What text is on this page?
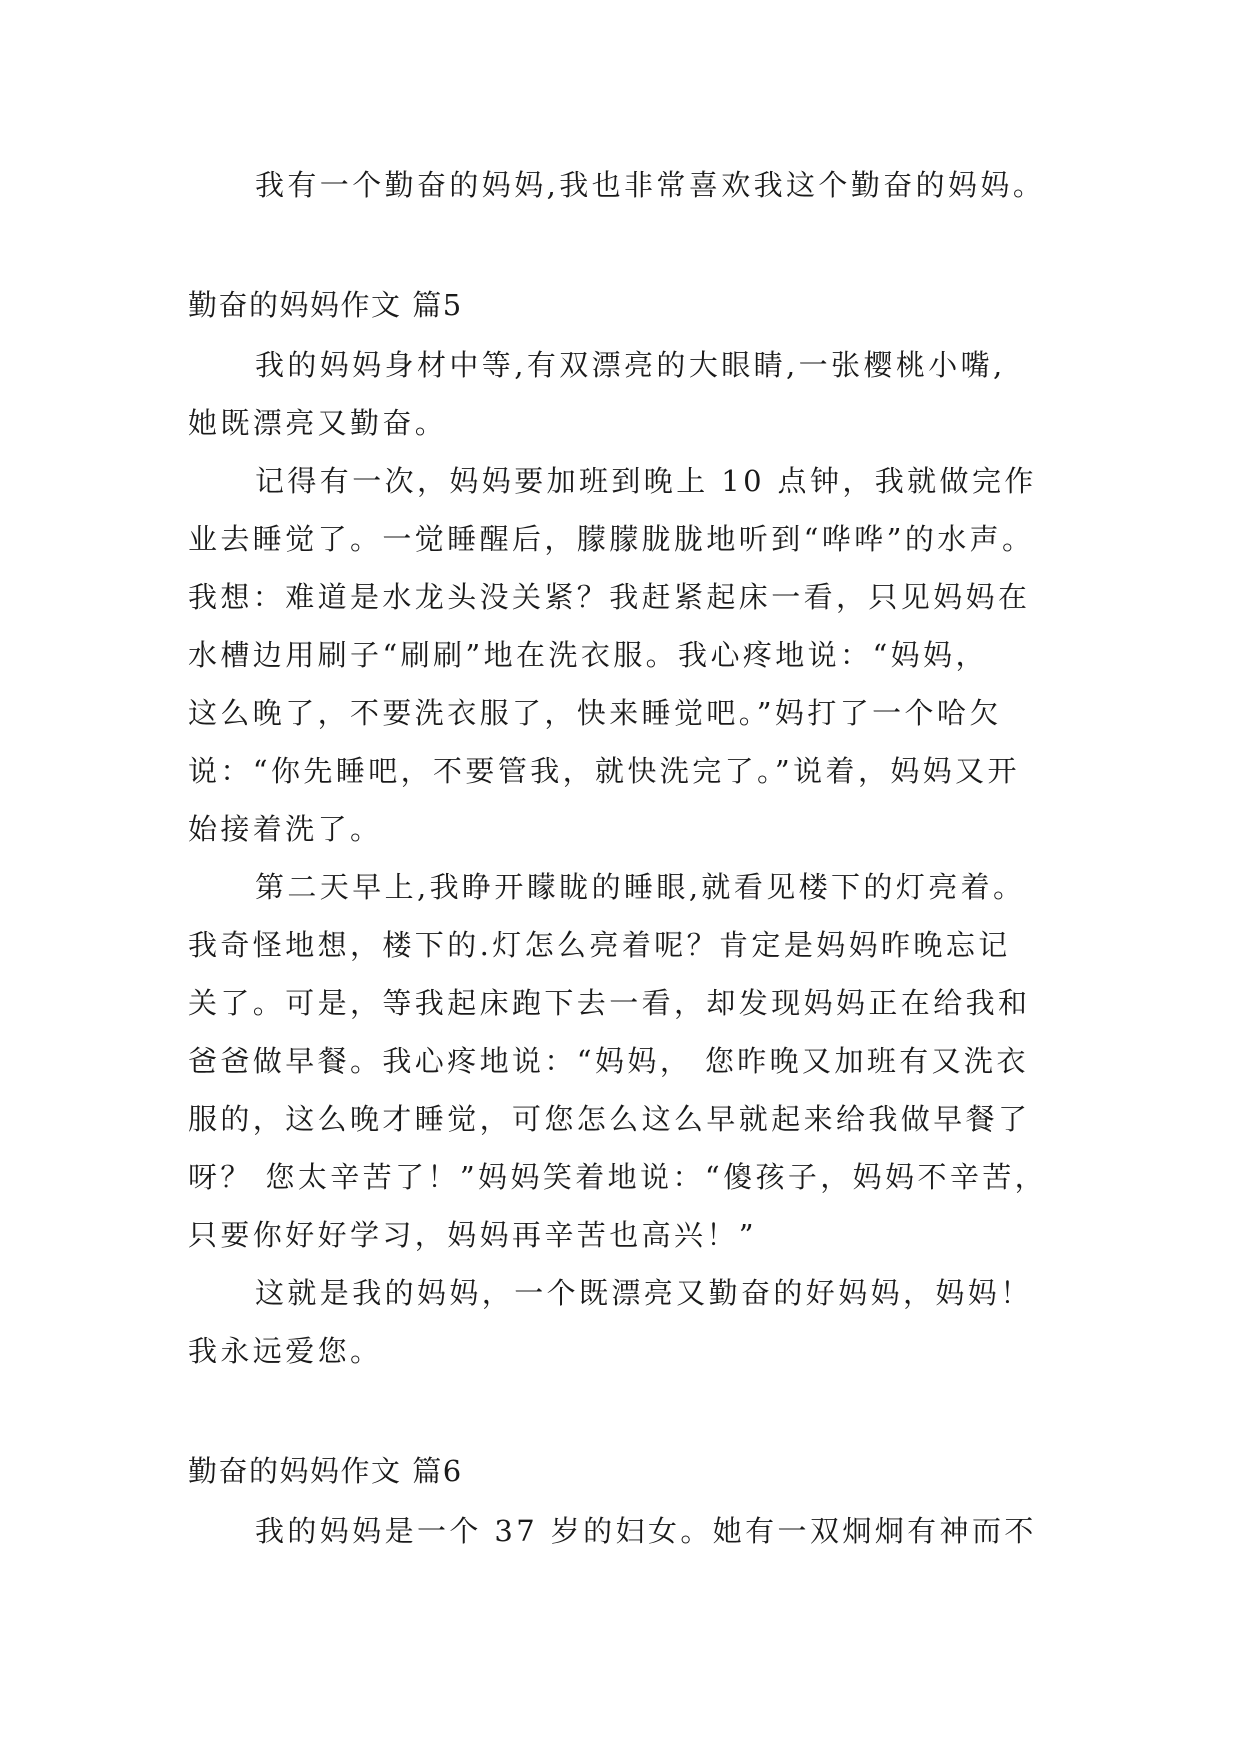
我有一个勤奋的妈妈,我也非常喜欢我这个勤奋的妈妈。
勤奋的妈妈作文 篇5
我的妈妈身材中等,有双漂亮的大眼睛,一张樱桃小嘴,
她既漂亮又勤奋。
记得有一次，妈妈要加班到晚上 10 点钟，我就做完作
业去睡觉了。一觉睡醒后，朦朦胧胧地听到“哗哗”的水声。
我想：难道是水龙头没关紧？我赶紧起床一看，只见妈妈在
水槽边用刷子“刷刷”地在洗衣服。我心疼地说：“妈妈，
这么晚了，不要洗衣服了，快来睡觉吧。”妈打了一个哈欠
说：“你先睡吧，不要管我，就快洗完了。”说着，妈妈又开
始接着洗了。
第二天早上,我睁开矇眬的睡眼,就看见楼下的灯亮着。
我奇怪地想，楼下的.灯怎么亮着呢？肯定是妈妈昨晚忘记
关了。可是，等我起床跑下去一看，却发现妈妈正在给我和
爸爸做早餐。我心疼地说：“妈妈， 您昨晚又加班有又洗衣
服的，这么晚才睡觉，可您怎么这么早就起来给我做早餐了
呀？ 您太辛苦了！”妈妈笑着地说：“傻孩子，妈妈不辛苦，
只要你好好学习，妈妈再辛苦也高兴！”
这就是我的妈妈，一个既漂亮又勤奋的好妈妈，妈妈！
我永远爱您。
勤奋的妈妈作文 篇6
我的妈妈是一个 37 岁的妇女。她有一双炯炯有神而不
